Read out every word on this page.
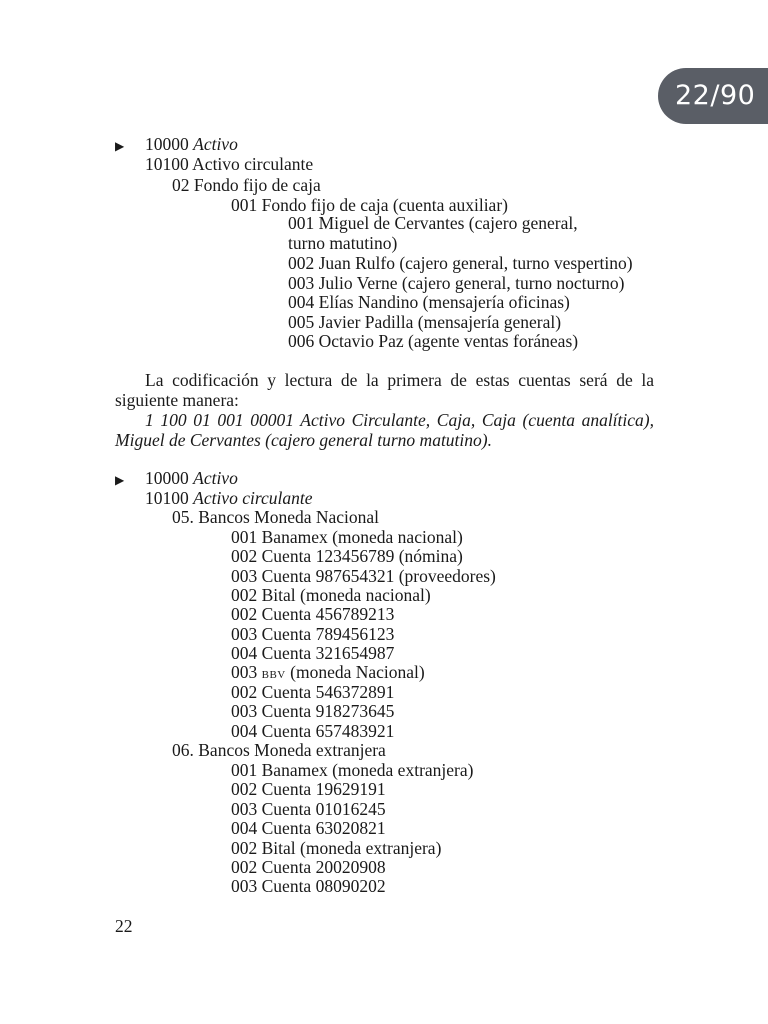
22/90
▶ 10000 Activo
10100 Activo circulante
02 Fondo fijo de caja
001 Fondo fijo de caja (cuenta auxiliar)
001 Miguel de Cervantes (cajero general,
turno matutino)
002 Juan Rulfo (cajero general, turno vespertino)
003 Julio Verne (cajero general, turno nocturno)
004 Elías Nandino (mensajería oficinas)
005 Javier Padilla (mensajería general)
006 Octavio Paz (agente ventas foráneas)
La codificación y lectura de la primera de estas cuentas será de la
siguiente manera:
1 100 01 001 00001 Activo Circulante, Caja, Caja (cuenta analítica),
Miguel de Cervantes (cajero general turno matutino).
▶ 10000 Activo
10100 Activo circulante
05. Bancos Moneda Nacional
001 Banamex (moneda nacional)
002 Cuenta 123456789 (nómina)
003 Cuenta 987654321 (proveedores)
002 Bital (moneda nacional)
002 Cuenta 456789213
003 Cuenta 789456123
004 Cuenta 321654987
003 BBV (moneda Nacional)
002 Cuenta 546372891
003 Cuenta 918273645
004 Cuenta 657483921
06. Bancos Moneda extranjera
001 Banamex (moneda extranjera)
002 Cuenta 19629191
003 Cuenta 01016245
004 Cuenta 63020821
002 Bital (moneda extranjera)
002 Cuenta 20020908
003 Cuenta 08090202
22
